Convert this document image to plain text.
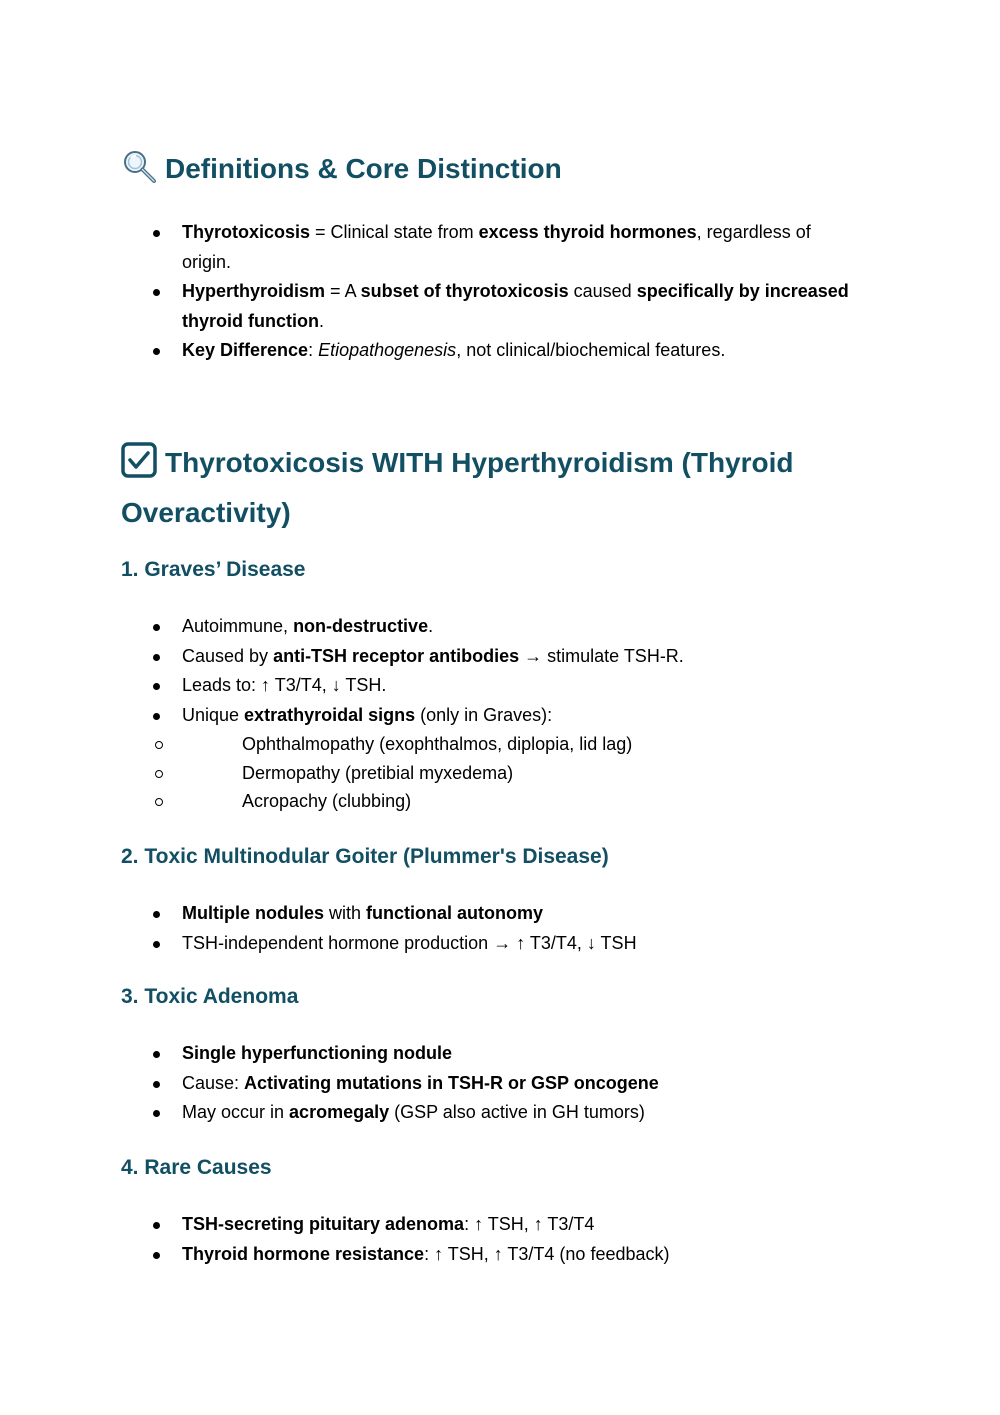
Definitions & Core Distinction
Thyrotoxicosis = Clinical state from excess thyroid hormones, regardless of origin.
Hyperthyroidism = A subset of thyrotoxicosis caused specifically by increased thyroid function.
Key Difference: Etiopathogenesis, not clinical/biochemical features.
Thyrotoxicosis WITH Hyperthyroidism (Thyroid Overactivity)
1. Graves’ Disease
Autoimmune, non-destructive.
Caused by anti-TSH receptor antibodies → stimulate TSH-R.
Leads to: ↑ T3/T4, ↓ TSH.
Unique extrathyroidal signs (only in Graves):
Ophthalmopathy (exophthalmos, diplopia, lid lag)
Dermopathy (pretibial myxedema)
Acropachy (clubbing)
2. Toxic Multinodular Goiter (Plummer's Disease)
Multiple nodules with functional autonomy
TSH-independent hormone production → ↑ T3/T4, ↓ TSH
3. Toxic Adenoma
Single hyperfunctioning nodule
Cause: Activating mutations in TSH-R or GSP oncogene
May occur in acromegaly (GSP also active in GH tumors)
4. Rare Causes
TSH-secreting pituitary adenoma: ↑ TSH, ↑ T3/T4
Thyroid hormone resistance: ↑ TSH, ↑ T3/T4 (no feedback)
